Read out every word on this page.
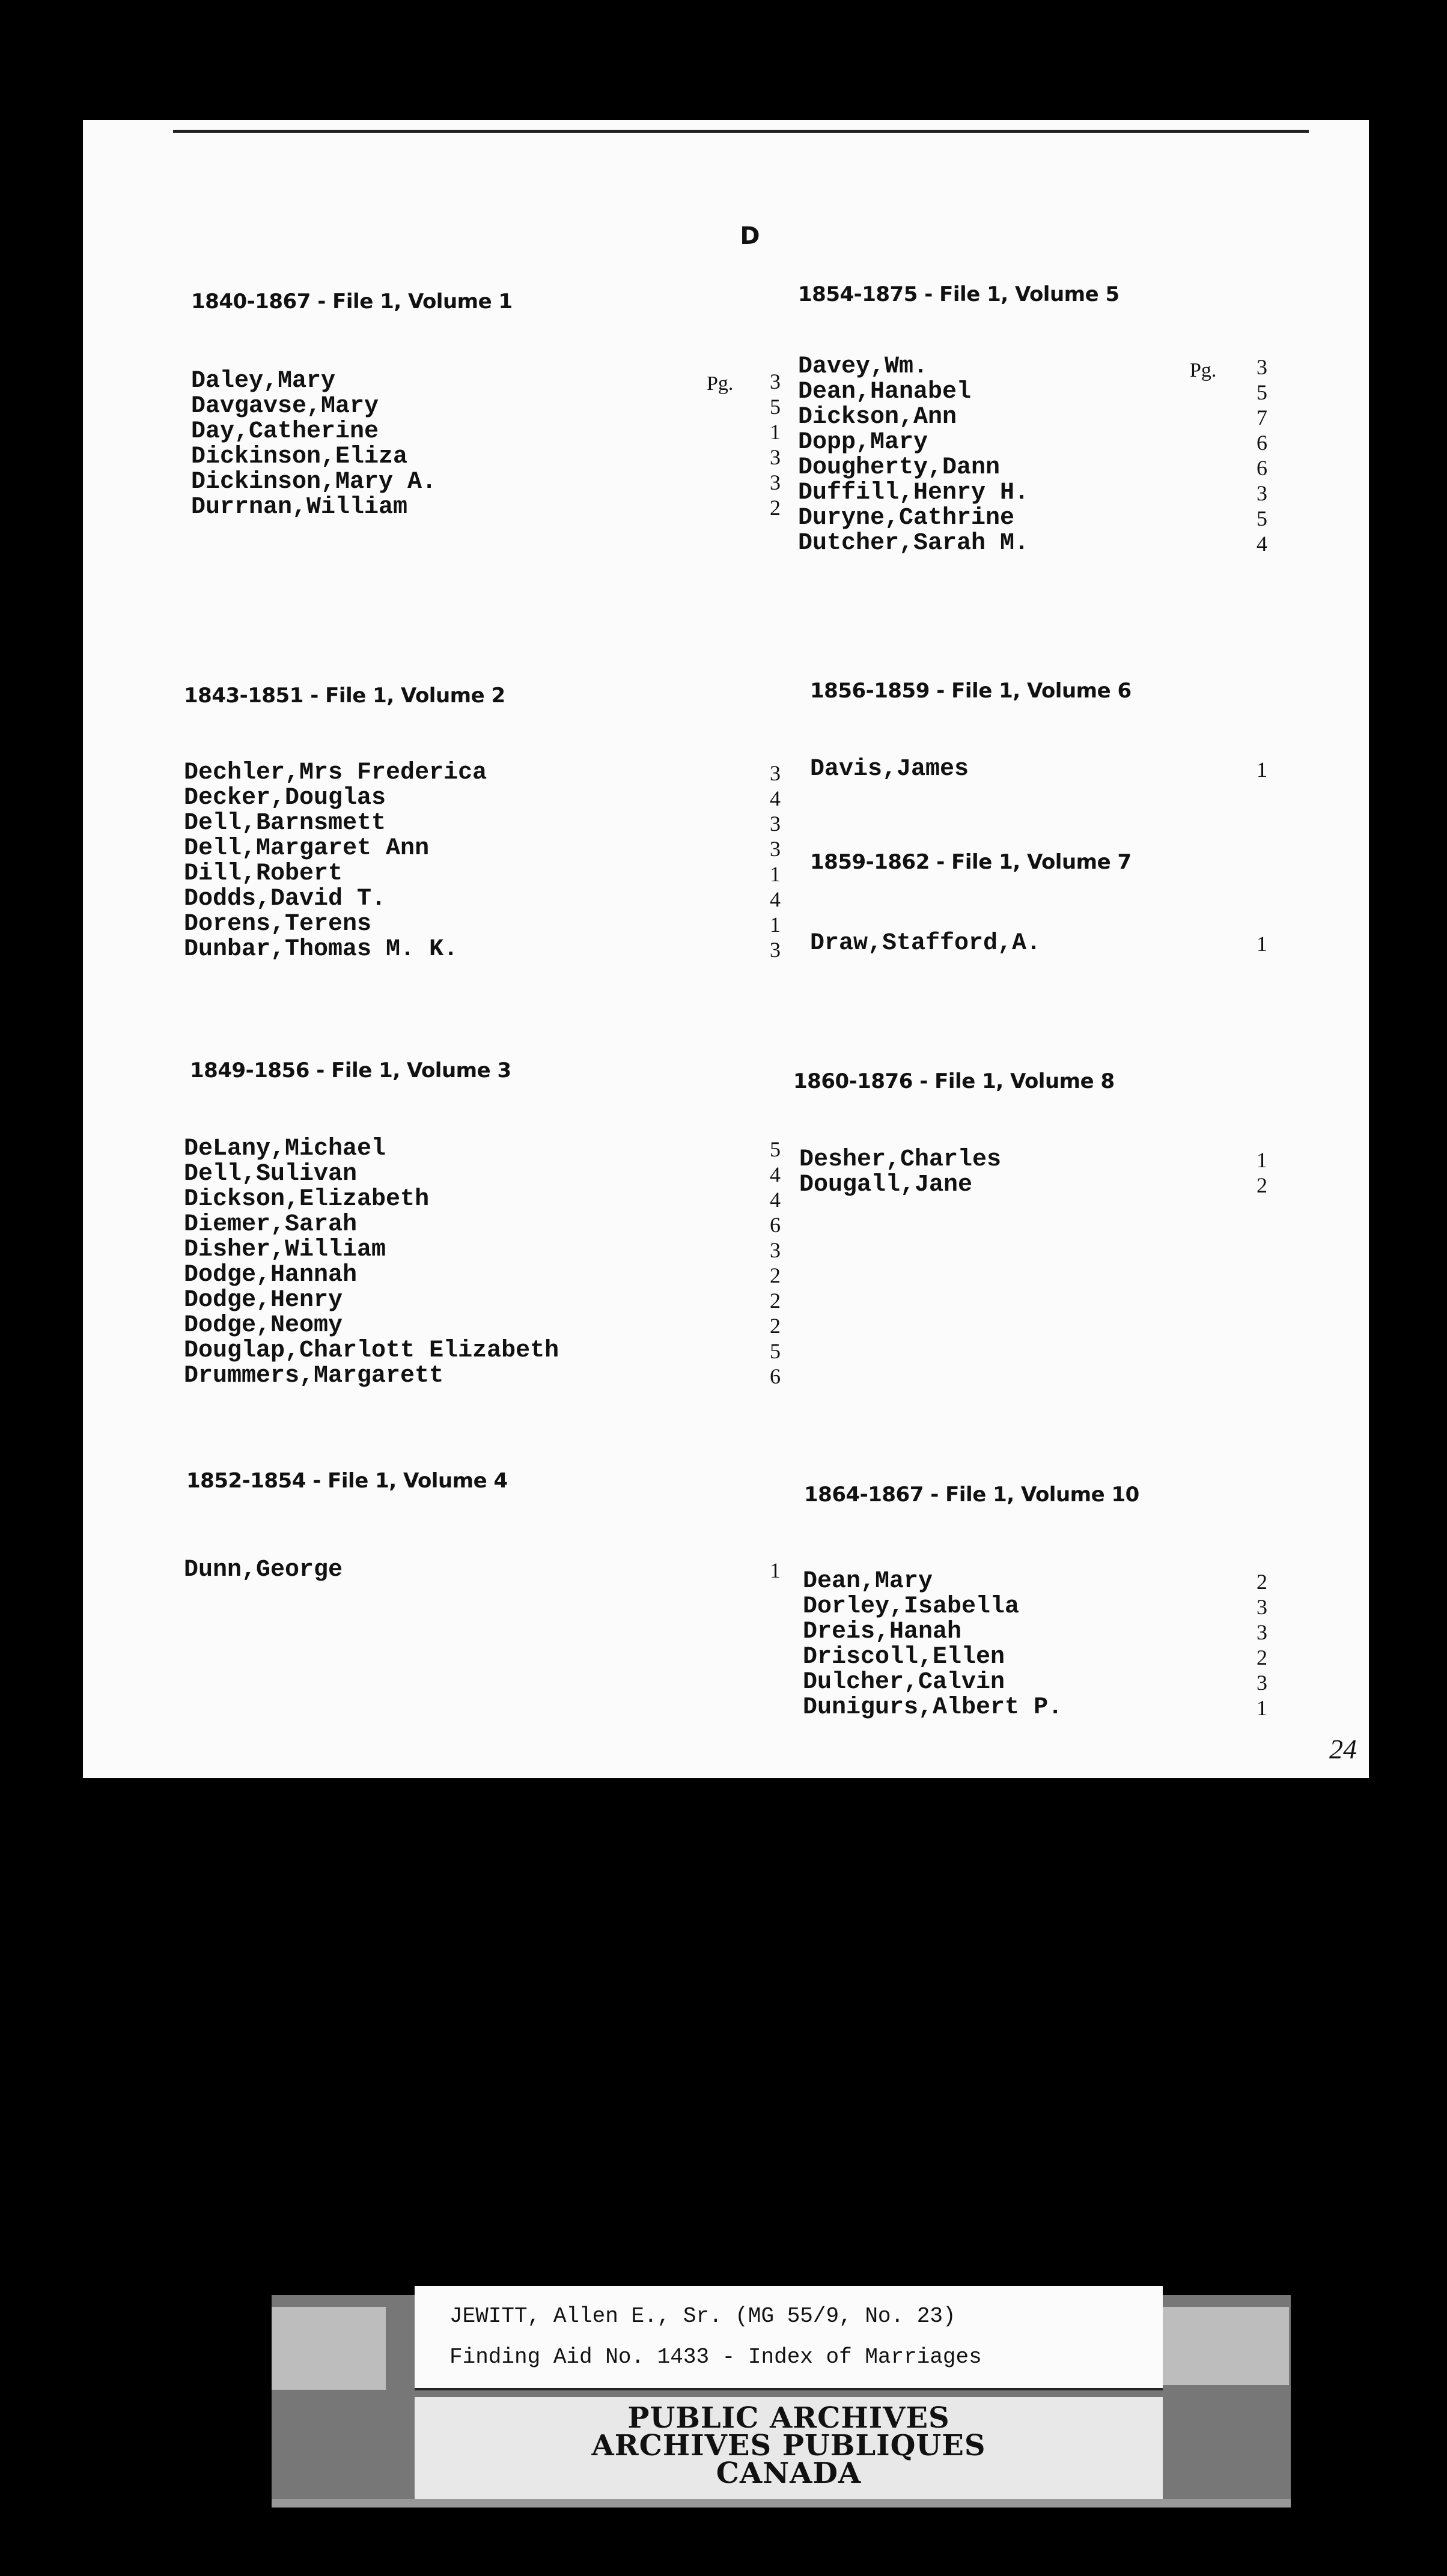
D
1840-1867 - File 1, Volume 1
Pg.
Daley,Mary	3
Davgavse,Mary	5
Day,Catherine	1
Dickinson,Eliza	3
Dickinson,Mary A.	3
Durrnan,William	2
1854-1875 - File 1, Volume 5
Pg.
Davey,Wm.	3
Dean,Hanabel	5
Dickson,Ann	7
Dopp,Mary	6
Dougherty,Dann	6
Duffill,Henry H.	3
Duryne,Cathrine	5
Dutcher,Sarah M.	4
1843-1851 - File 1, Volume 2
Dechler,Mrs Frederica	3
Decker,Douglas	4
Dell,Barnsmett	3
Dell,Margaret Ann	3
Dill,Robert	1
Dodds,David T.	4
Dorens,Terens	1
Dunbar,Thomas M. K.	3
1856-1859 - File 1, Volume 6
Davis,James	1
1859-1862 - File 1, Volume 7
Draw,Stafford,A.	1
1849-1856 - File 1, Volume 3
DeLany,Michael	5
Dell,Sulivan	4
Dickson,Elizabeth	4
Diemer,Sarah	6
Disher,William	3
Dodge,Hannah	2
Dodge,Henry	2
Dodge,Neomy	2
Douglap,Charlott Elizabeth	5
Drummers,Margarett	6
1860-1876 - File 1, Volume 8
Desher,Charles	1
Dougall,Jane	2
1852-1854 - File 1, Volume 4
Dunn,George	1
1864-1867 - File 1, Volume 10
Dean,Mary	2
Dorley,Isabella	3
Dreis,Hanah	3
Driscoll,Ellen	2
Dulcher,Calvin	3
Dunigurs,Albert P.	1
24
JEWITT, Allen E., Sr. (MG 55/9, No. 23)
Finding Aid No. 1433 - Index of Marriages
PUBLIC ARCHIVES
ARCHIVES PUBLIQUES
CANADA
